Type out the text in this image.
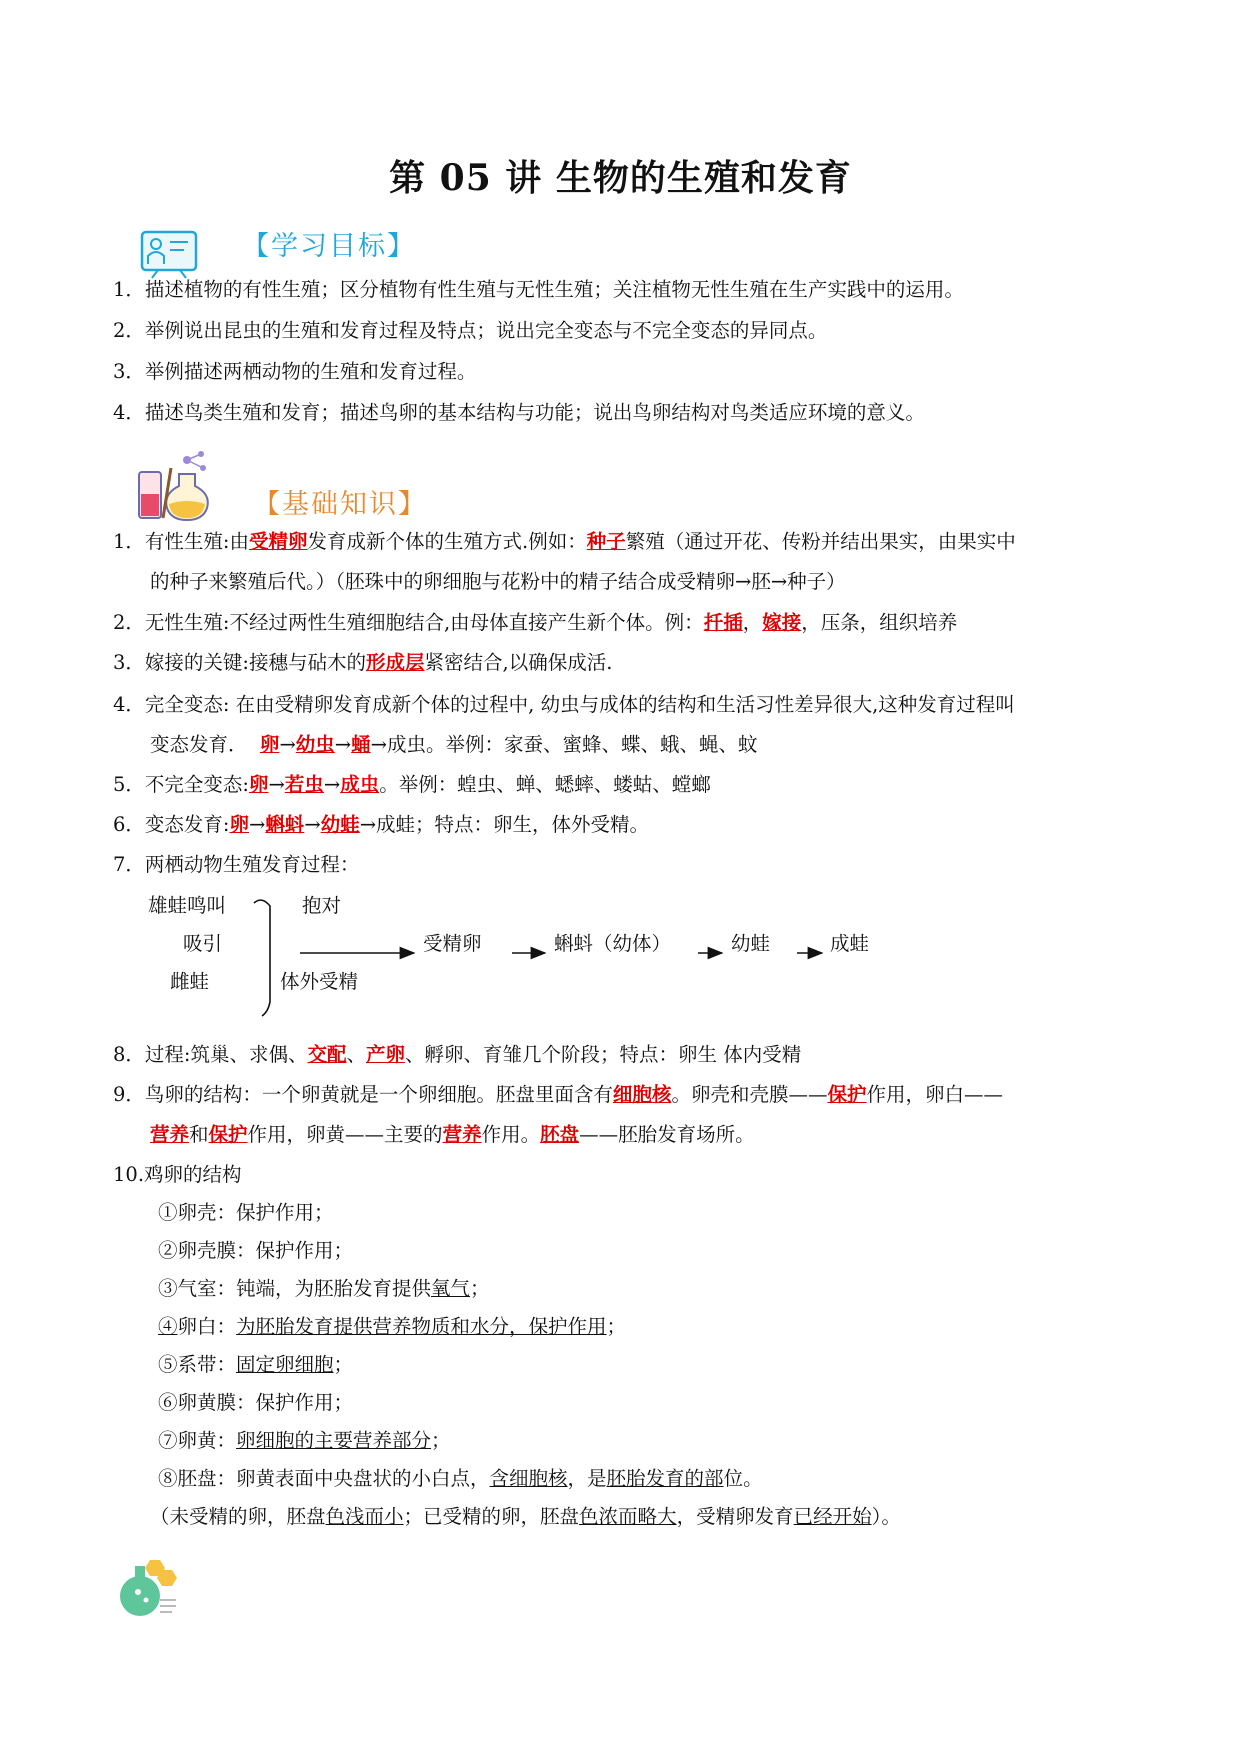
第 05 讲 生物的生殖和发育
【学习目标】
1．描述植物的有性生殖；区分植物有性生殖与无性生殖；关注植物无性生殖在生产实践中的运用。
2．举例说出昆虫的生殖和发育过程及特点；说出完全变态与不完全变态的异同点。
3．举例描述两栖动物的生殖和发育过程。
4．描述鸟类生殖和发育；描述鸟卵的基本结构与功能；说出鸟卵结构对鸟类适应环境的意义。
【基础知识】
1．有性生殖:由受精卵发育成新个体的生殖方式.例如：种子繁殖（通过开花、传粉并结出果实，由果实中
的种子来繁殖后代。）（胚珠中的卵细胞与花粉中的精子结合成受精卵→胚→种子）
2．无性生殖:不经过两性生殖细胞结合,由母体直接产生新个体。例：扦插，嫁接，压条，组织培养
3．嫁接的关键:接穗与砧木的形成层紧密结合,以确保成活.
4．完全变态: 在由受精卵发育成新个体的过程中, 幼虫与成体的结构和生活习性差异很大,这种发育过程叫
变态发育． 卵→幼虫→蛹→成虫。举例：家蚕、蜜蜂、蝶、蛾、蝇、蚊
5．不完全变态:卵→若虫→成虫。举例：蝗虫、蝉、蟋蟀、蝼蛄、螳螂
6．变态发育:卵→蝌蚪→幼蛙→成蛙；特点：卵生，体外受精。
7．两栖动物生殖发育过程：
雄蛙鸣叫
吸引
雌蛙
抱对
体外受精
受精卵	蝌蚪（幼体）	幼蛙	成蛙
8．过程:筑巢、求偶、交配、产卵、孵卵、育雏几个阶段；特点：卵生 体内受精
9．鸟卵的结构：一个卵黄就是一个卵细胞。胚盘里面含有细胞核。卵壳和壳膜——保护作用，卵白——
营养和保护作用，卵黄——主要的营养作用。胚盘——胚胎发育场所。
10.鸡卵的结构
①卵壳：保护作用；
②卵壳膜：保护作用；
③气室：钝端，为胚胎发育提供氧气；
④卵白：为胚胎发育提供营养物质和水分，保护作用；
⑤系带：固定卵细胞；
⑥卵黄膜：保护作用；
⑦卵黄：卵细胞的主要营养部分；
⑧胚盘：卵黄表面中央盘状的小白点，含细胞核，是胚胎发育的部位。
（未受精的卵，胚盘色浅而小；已受精的卵，胚盘色浓而略大，受精卵发育已经开始）。
